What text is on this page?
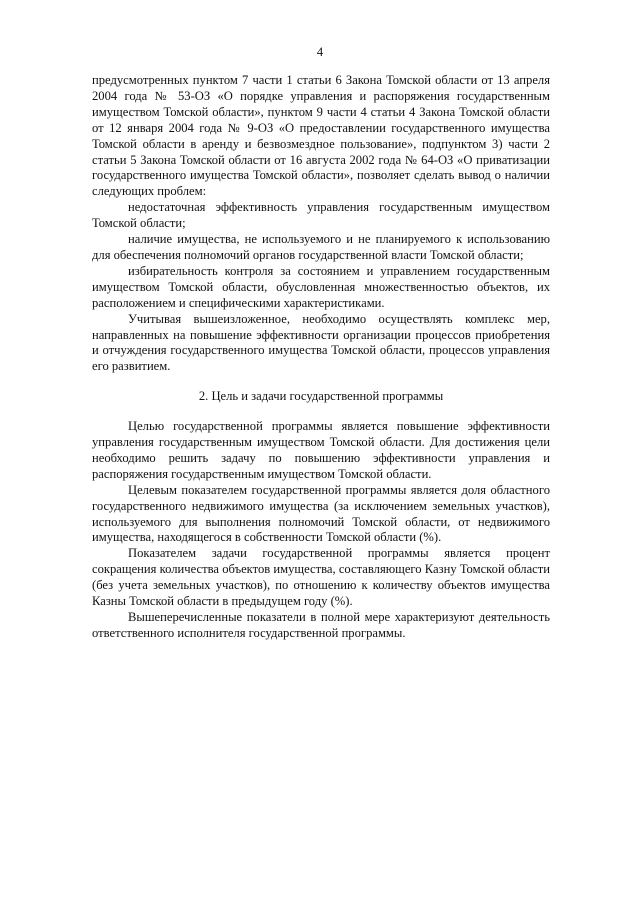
4

предусмотренных пунктом 7 части 1 статьи 6 Закона Томской области от 13 апреля 2004 года № 53-ОЗ «О порядке управления и распоряжения государственным имуществом Томской области», пунктом 9 части 4 статьи 4 Закона Томской области от 12 января 2004 года № 9-ОЗ «О предоставлении государственного имущества Томской области в аренду и безвозмездное пользование», подпунктом 3) части 2 статьи 5 Закона Томской области от 16 августа 2002 года № 64-ОЗ «О приватизации государственного имущества Томской области», позволяет сделать вывод о наличии следующих проблем:

недостаточная эффективность управления государственным имуществом Томской области;

наличие имущества, не используемого и не планируемого к использованию для обеспечения полномочий органов государственной власти Томской области;

избирательность контроля за состоянием и управлением государственным имуществом Томской области, обусловленная множественностью объектов, их расположением и специфическими характеристиками.

Учитывая вышеизложенное, необходимо осуществлять комплекс мер, направленных на повышение эффективности организации процессов приобретения и отчуждения государственного имущества Томской области, процессов управления его развитием.

2. Цель и задачи государственной программы

Целью государственной программы является повышение эффективности управления государственным имуществом Томской области. Для достижения цели необходимо решить задачу по повышению эффективности управления и распоряжения государственным имуществом Томской области.

Целевым показателем государственной программы является доля областного государственного недвижимого имущества (за исключением земельных участков), используемого для выполнения полномочий Томской области, от недвижимого имущества, находящегося в собственности Томской области (%).

Показателем задачи государственной программы является процент сокращения количества объектов имущества, составляющего Казну Томской области (без учета земельных участков), по отношению к количеству объектов имущества Казны Томской области в предыдущем году (%).

Вышеперечисленные показатели в полной мере характеризуют деятельность ответственного исполнителя государственной программы.
